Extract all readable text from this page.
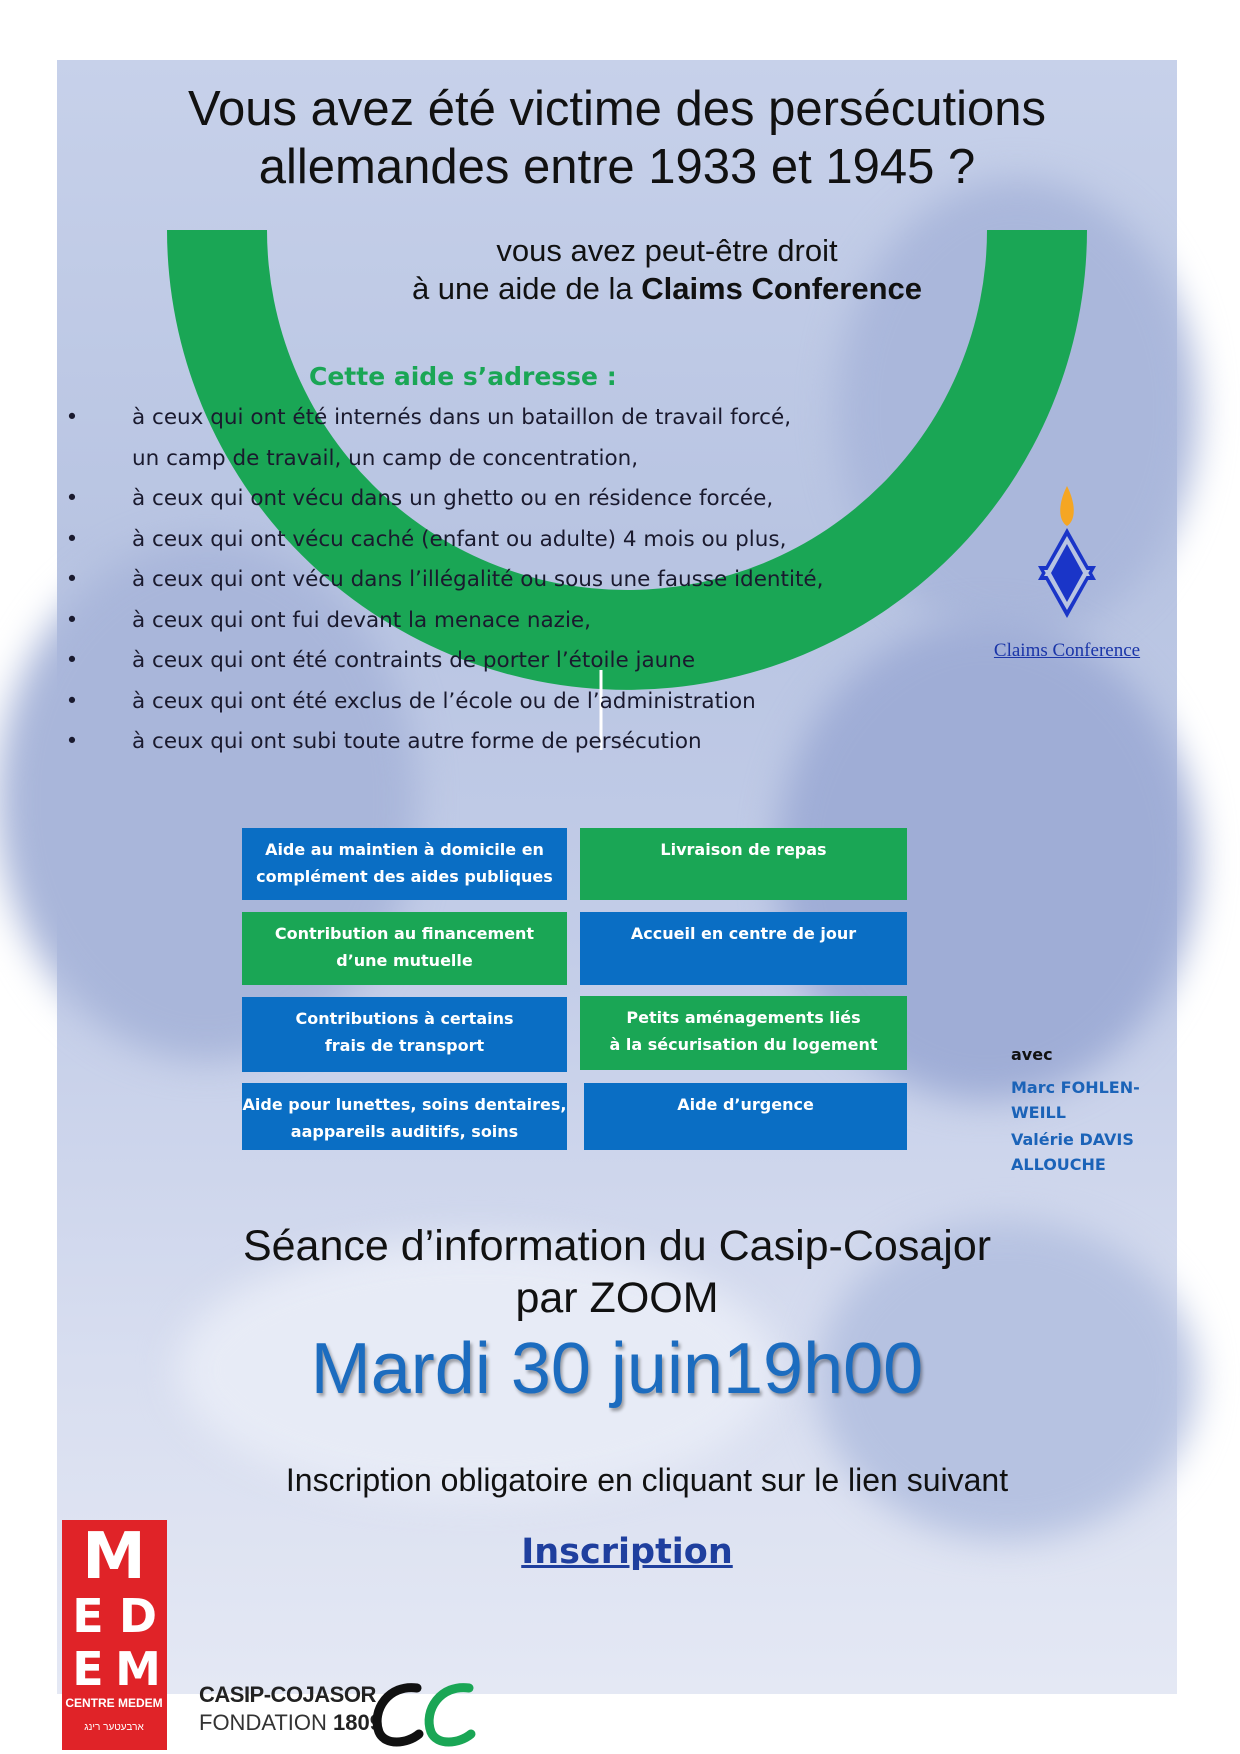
Vous avez été victime des persécutions
allemandes entre 1933 et 1945 ?
vous avez peut-être droit
à une aide de la Claims Conference
Cette aide s’adresse :
• à ceux qui ont été internés dans un bataillon de travail forcé,
un camp de travail, un camp de concentration,
• à ceux qui ont vécu dans un ghetto ou en résidence forcée,
• à ceux qui ont vécu caché (enfant ou adulte) 4 mois ou plus,
• à ceux qui ont vécu dans l’illégalité ou sous une fausse identité,
• à ceux qui ont fui devant la menace nazie,
• à ceux qui ont été contraints de porter l’étoile jaune
• à ceux qui ont été exclus de l’école ou de l’administration
• à ceux qui ont subi toute autre forme de persécution
Claims Conference
Aide au maintien à domicile en
complément des aides publiques
Livraison de repas
Contribution au financement
d’une mutuelle
Accueil en centre de jour
Contributions à certains
frais de transport
Petits aménagements liés
à la sécurisation du logement
Aide pour lunettes, soins dentaires,
aappareils auditifs, soins
Aide d’urgence
avec
Marc FOHLEN-
WEILL
Valérie DAVIS
ALLOUCHE
Séance d’information du Casip-Cosajor
par ZOOM
Mardi 30 juin19h00
Inscription obligatoire en cliquant sur le lien suivant
Inscription
M
E D
E M
CENTRE MEDEM
ארבעטער רינג
CASIP-COJASOR
FONDATION 1809
